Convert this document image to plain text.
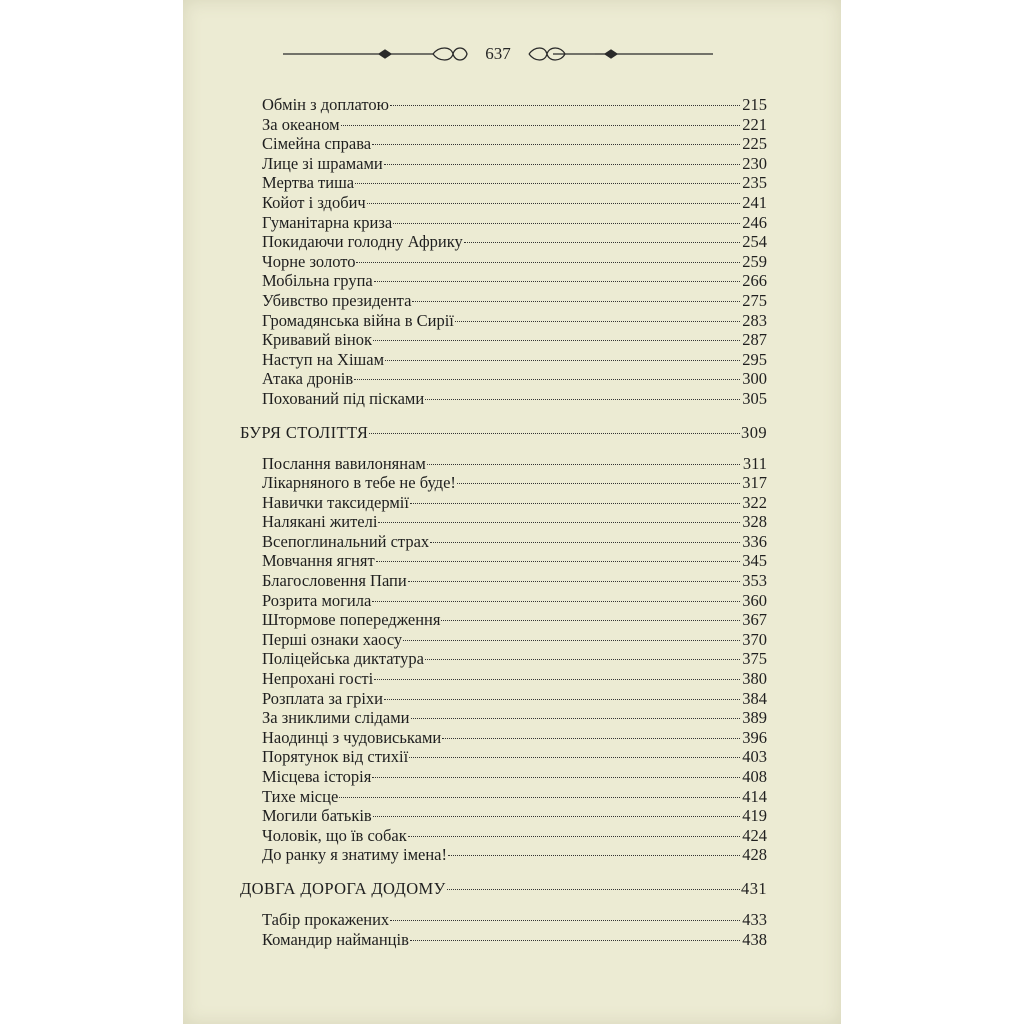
637
Обмін з доплатою	215
За океаном	221
Сімейна справа	225
Лице зі шрамами	230
Мертва тиша	235
Койот і здобич	241
Гуманітарна криза	246
Покидаючи голодну Африку	254
Чорне золото	259
Мобільна група	266
Убивство президента	275
Громадянська війна в Сирії	283
Кривавий вінок	287
Наступ на Хішам	295
Атака дронів	300
Похований під пісками	305
БУРЯ СТОЛІТТЯ	309
Послання вавилонянам	311
Лікарняного в тебе не буде!	317
Навички таксидермії	322
Налякані жителі	328
Всепоглинальний страх	336
Мовчання ягнят	345
Благословення Папи	353
Розрита могила	360
Штормове попередження	367
Перші ознаки хаосу	370
Поліцейська диктатура	375
Непрохані гості	380
Розплата за гріхи	384
За зниклими слідами	389
Наодинці з чудовиськами	396
Порятунок від стихії	403
Місцева історія	408
Тихе місце	414
Могили батьків	419
Чоловік, що їв собак	424
До ранку я знатиму імена!	428
ДОВГА ДОРОГА ДОДОМУ	431
Табір прокажених	433
Командир найманців	438
